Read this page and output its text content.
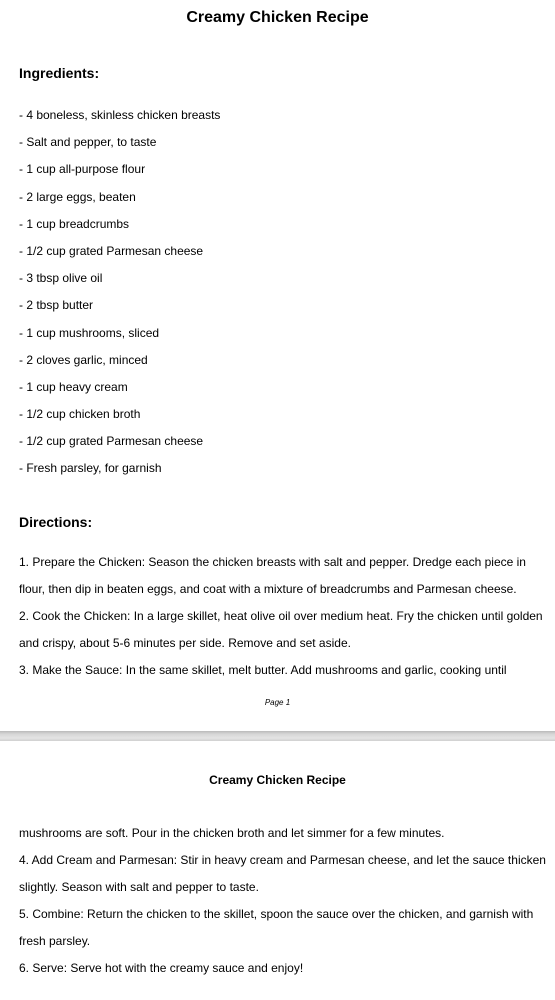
Creamy Chicken Recipe
Ingredients:
- 4 boneless, skinless chicken breasts
- Salt and pepper, to taste
- 1 cup all-purpose flour
- 2 large eggs, beaten
- 1 cup breadcrumbs
- 1/2 cup grated Parmesan cheese
- 3 tbsp olive oil
- 2 tbsp butter
- 1 cup mushrooms, sliced
- 2 cloves garlic, minced
- 1 cup heavy cream
- 1/2 cup chicken broth
- 1/2 cup grated Parmesan cheese
- Fresh parsley, for garnish
Directions:
1. Prepare the Chicken: Season the chicken breasts with salt and pepper. Dredge each piece in
flour, then dip in beaten eggs, and coat with a mixture of breadcrumbs and Parmesan cheese.
2. Cook the Chicken: In a large skillet, heat olive oil over medium heat. Fry the chicken until golden
and crispy, about 5-6 minutes per side. Remove and set aside.
3. Make the Sauce: In the same skillet, melt butter. Add mushrooms and garlic, cooking until
Page 1
Creamy Chicken Recipe
mushrooms are soft. Pour in the chicken broth and let simmer for a few minutes.
4. Add Cream and Parmesan: Stir in heavy cream and Parmesan cheese, and let the sauce thicken
slightly. Season with salt and pepper to taste.
5. Combine: Return the chicken to the skillet, spoon the sauce over the chicken, and garnish with
fresh parsley.
6. Serve: Serve hot with the creamy sauce and enjoy!
